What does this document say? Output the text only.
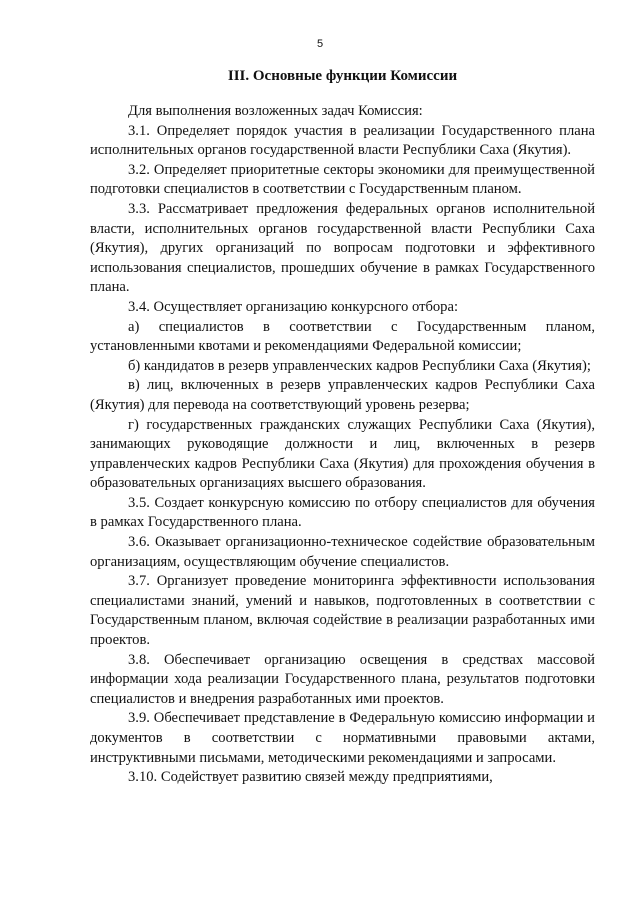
5
III. Основные функции Комиссии

Для выполнения возложенных задач Комиссия:

3.1. Определяет порядок участия в реализации Государственного плана исполнительных органов государственной власти Республики Саха (Якутия).

3.2. Определяет приоритетные секторы экономики для преимущественной подготовки специалистов в соответствии с Государственным планом.

3.3. Рассматривает предложения федеральных органов исполнительной власти, исполнительных органов государственной власти Республики Саха (Якутия), других организаций по вопросам подготовки и эффективного использования специалистов, прошедших обучение в рамках Государственного плана.

3.4. Осуществляет организацию конкурсного отбора:

а) специалистов в соответствии с Государственным планом, установленными квотами и рекомендациями Федеральной комиссии;

б) кандидатов в резерв управленческих кадров Республики Саха (Якутия);

в) лиц, включенных в резерв управленческих кадров Республики Саха (Якутия) для перевода на соответствующий уровень резерва;

г) государственных гражданских служащих Республики Саха (Якутия), занимающих руководящие должности и лиц, включенных в резерв управленческих кадров Республики Саха (Якутия) для прохождения обучения в образовательных организациях высшего образования.

3.5. Создает конкурсную комиссию по отбору специалистов для обучения в рамках Государственного плана.

3.6. Оказывает организационно-техническое содействие образовательным организациям, осуществляющим обучение специалистов.

3.7. Организует проведение мониторинга эффективности использования специалистами знаний, умений и навыков, подготовленных в соответствии с Государственным планом, включая содействие в реализации разработанных ими проектов.

3.8. Обеспечивает организацию освещения в средствах массовой информации хода реализации Государственного плана, результатов подготовки специалистов и внедрения разработанных ими проектов.

3.9. Обеспечивает представление в Федеральную комиссию информации и документов в соответствии с нормативными правовыми актами, инструктивными письмами, методическими рекомендациями и запросами.

3.10. Содействует развитию связей между предприятиями,
